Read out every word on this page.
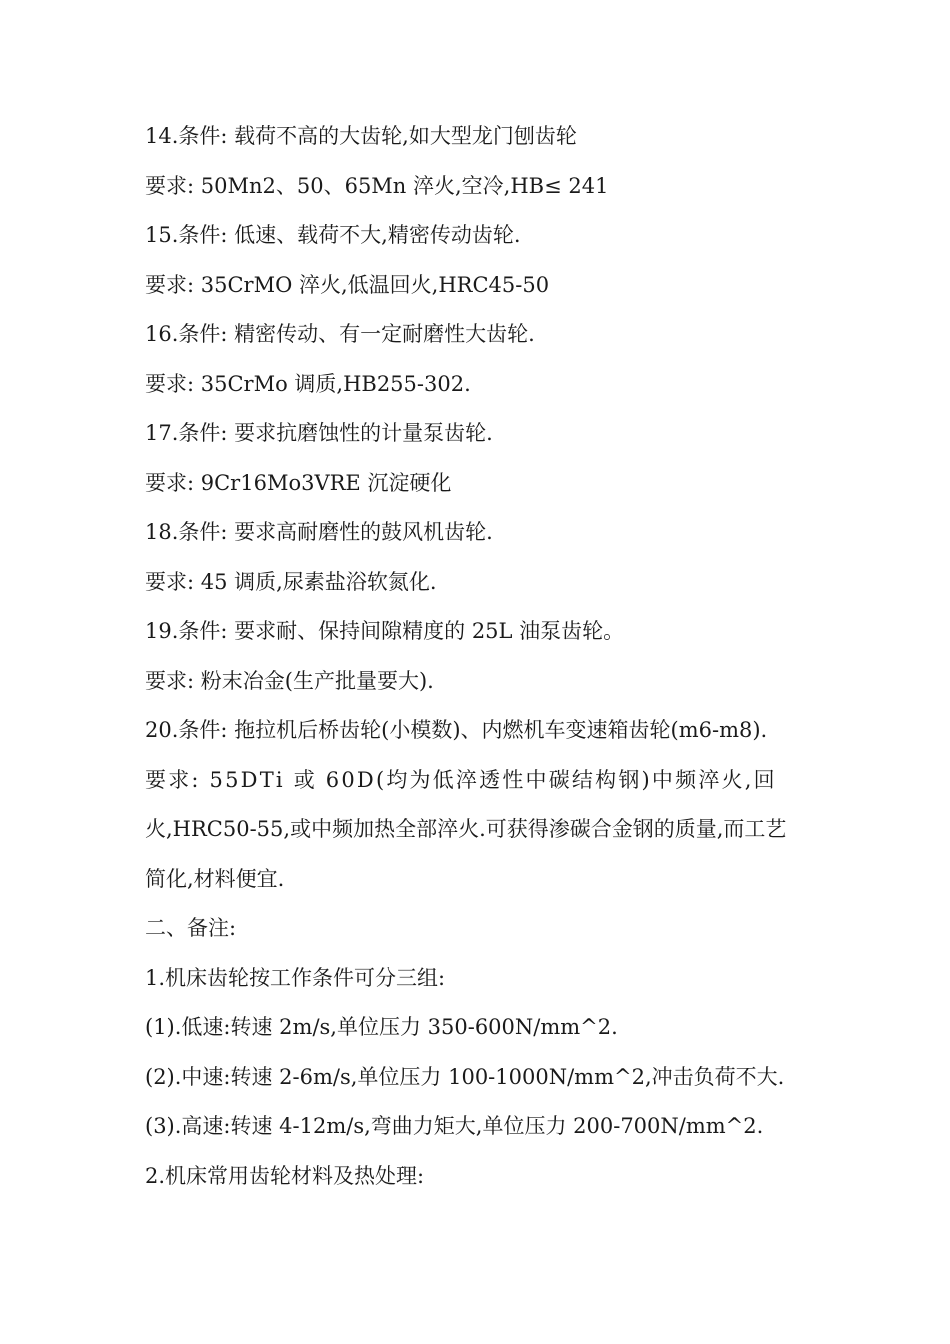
14.条件: 载荷不高的大齿轮,如大型龙门刨齿轮
要求: 50Mn2、50、65Mn 淬火,空冷,HB≤ 241
15.条件: 低速、载荷不大,精密传动齿轮.
要求: 35CrMO 淬火,低温回火,HRC45-50
16.条件: 精密传动、有一定耐磨性大齿轮.
要求: 35CrMo 调质,HB255-302.
17.条件: 要求抗磨蚀性的计量泵齿轮.
要求: 9Cr16Mo3VRE 沉淀硬化
18.条件: 要求高耐磨性的鼓风机齿轮.
要求: 45 调质,尿素盐浴软氮化.
19.条件: 要求耐、保持间隙精度的 25L 油泵齿轮。
要求: 粉末冶金(生产批量要大).
20.条件: 拖拉机后桥齿轮(小模数)、内燃机车变速箱齿轮(m6-m8).
要求: 55DTi 或 60D(均为低淬透性中碳结构钢)中频淬火,回
火,HRC50-55,或中频加热全部淬火.可获得渗碳合金钢的质量,而工艺
简化,材料便宜.
二、备注:
1.机床齿轮按工作条件可分三组:
(1).低速:转速 2m/s,单位压力 350-600N/mm^2.
(2).中速:转速 2-6m/s,单位压力 100-1000N/mm^2,冲击负荷不大.
(3).高速:转速 4-12m/s,弯曲力矩大,单位压力 200-700N/mm^2.
2.机床常用齿轮材料及热处理:
